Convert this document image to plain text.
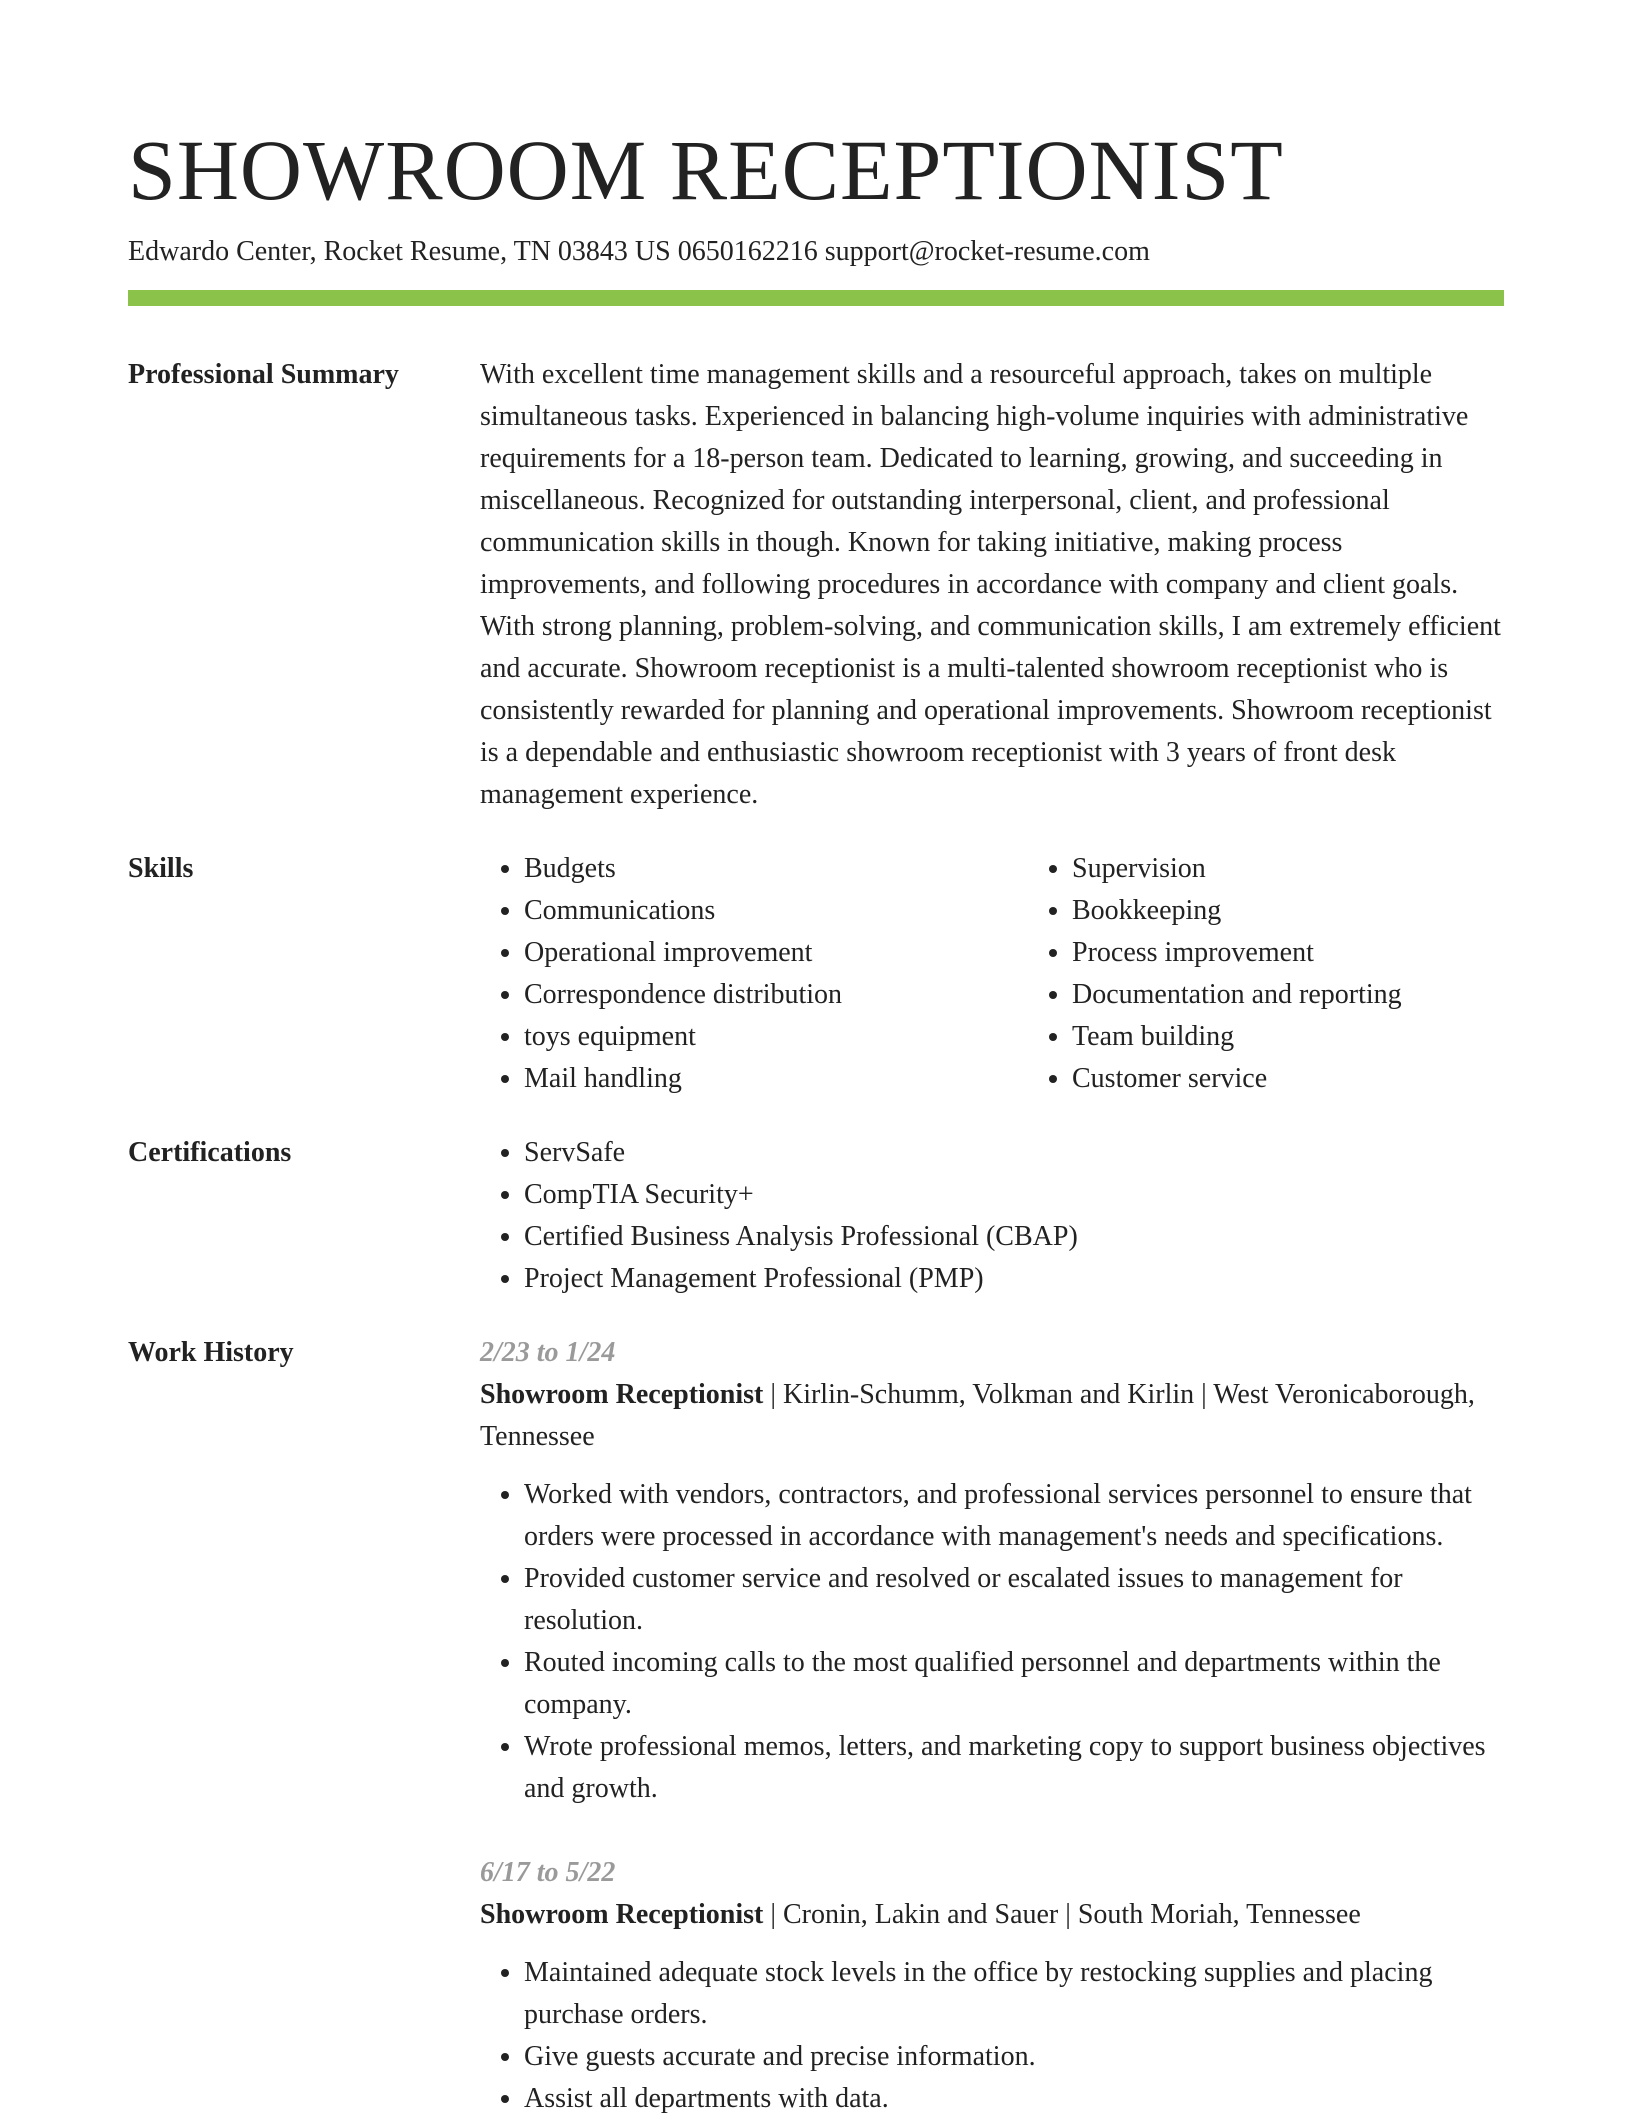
SHOWROOM RECEPTIONIST
Edwardo Center, Rocket Resume, TN 03843 US 0650162216 support@rocket-resume.com
Professional Summary	With excellent time management skills and a resourceful approach, takes on multiple simultaneous tasks. Experienced in balancing high-volume inquiries with administrative requirements for a 18-person team. Dedicated to learning, growing, and succeeding in miscellaneous. Recognized for outstanding interpersonal, client, and professional communication skills in though. Known for taking initiative, making process improvements, and following procedures in accordance with company and client goals. With strong planning, problem-solving, and communication skills, I am extremely efficient and accurate. Showroom receptionist is a multi-talented showroom receptionist who is consistently rewarded for planning and operational improvements. Showroom receptionist is a dependable and enthusiastic showroom receptionist with 3 years of front desk management experience.
Skills	• Budgets
• Communications
• Operational improvement
• Correspondence distribution
• toys equipment
• Mail handling
• Supervision
• Bookkeeping
• Process improvement
• Documentation and reporting
• Team building
• Customer service
Certifications	• ServSafe
• CompTIA Security+
• Certified Business Analysis Professional (CBAP)
• Project Management Professional (PMP)
Work History	2/23 to 1/24
Showroom Receptionist | Kirlin-Schumm, Volkman and Kirlin | West Veronicaborough, Tennessee
• Worked with vendors, contractors, and professional services personnel to ensure that orders were processed in accordance with management's needs and specifications.
• Provided customer service and resolved or escalated issues to management for resolution.
• Routed incoming calls to the most qualified personnel and departments within the company.
• Wrote professional memos, letters, and marketing copy to support business objectives and growth.
6/17 to 5/22
Showroom Receptionist | Cronin, Lakin and Sauer | South Moriah, Tennessee
• Maintained adequate stock levels in the office by restocking supplies and placing purchase orders.
• Give guests accurate and precise information.
• Assist all departments with data.
